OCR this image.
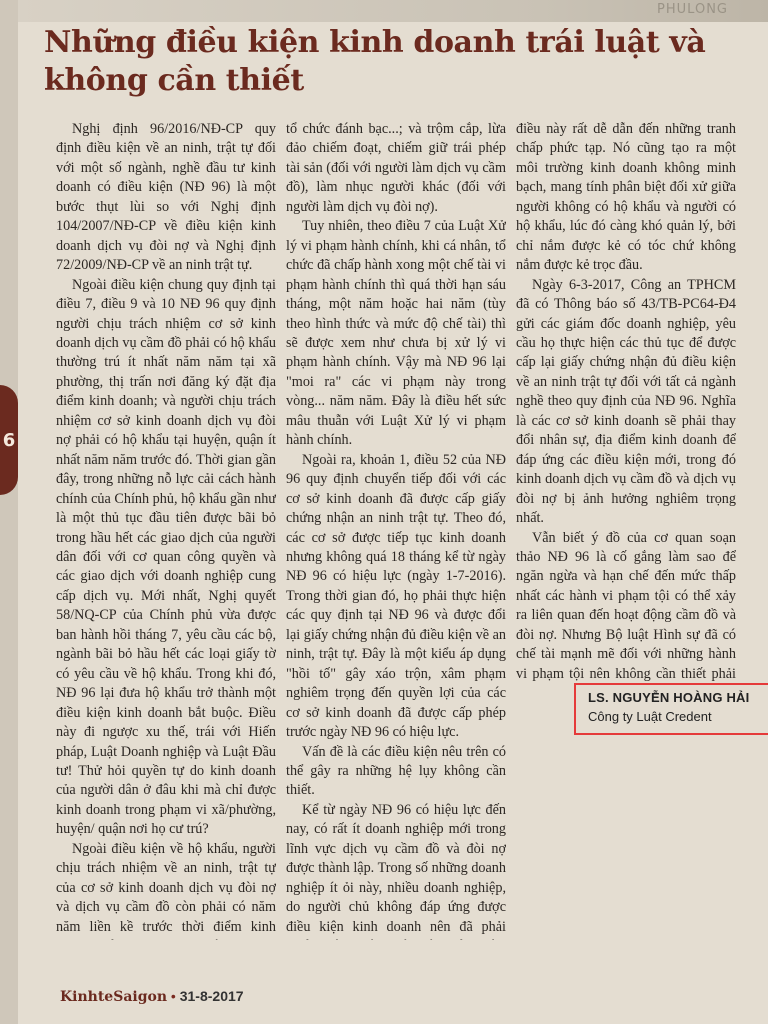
PHULONG
Những điều kiện kinh doanh trái luật và không cần thiết

Nghị định 96/2016/NĐ-CP quy định điều kiện về an ninh, trật tự đối với một số ngành, nghề đầu tư kinh doanh có điều kiện (NĐ 96) là một bước thụt lùi so với Nghị định 104/2007/NĐ-CP về điều kiện kinh doanh dịch vụ đòi nợ và Nghị định 72/2009/NĐ-CP về an ninh trật tự.

Ngoài điều kiện chung quy định tại điều 7, điều 9 và 10 NĐ 96 quy định người chịu trách nhiệm cơ sở kinh doanh dịch vụ cầm đồ phải có hộ khẩu thường trú ít nhất năm năm tại xã phường, thị trấn nơi đăng ký đặt địa điểm kinh doanh; và người chịu trách nhiệm cơ sở kinh doanh dịch vụ đòi nợ phải có hộ khẩu tại huyện, quận ít nhất năm năm trước đó. Thời gian gần đây, trong những nỗ lực cải cách hành chính của Chính phủ, hộ khẩu gần như là một thủ tục đầu tiên được bãi bỏ trong hầu hết các giao dịch của người dân đối với cơ quan công quyền và các giao dịch với doanh nghiệp cung cấp dịch vụ. Mới nhất, Nghị quyết 58/NQ-CP của Chính phủ vừa được ban hành hồi tháng 7, yêu cầu các bộ, ngành bãi bỏ hầu hết các loại giấy tờ có yêu cầu về hộ khẩu. Trong khi đó, NĐ 96 lại đưa hộ khẩu trở thành một điều kiện kinh doanh bắt buộc. Điều này đi ngược xu thế, trái với Hiến pháp, Luật Doanh nghiệp và Luật Đầu tư! Thử hỏi quyền tự do kinh doanh của người dân ở đâu khi mà chỉ được kinh doanh trong phạm vi xã/phường, huyện/ quận nơi họ cư trú?

Ngoài điều kiện về hộ khẩu, người chịu trách nhiệm về an ninh, trật tự của cơ sở kinh doanh dịch vụ đòi nợ và dịch vụ cầm đồ còn phải có năm năm liền kề trước thời điểm kinh

tổ chức đánh bạc...; và trộm cắp, lừa đảo chiếm đoạt, chiếm giữ trái phép tài sản (đối với người làm dịch vụ cầm đồ), làm nhục người khác (đối với người làm dịch vụ đòi nợ).

Tuy nhiên, theo điều 7 của Luật Xử lý vi phạm hành chính, khi cá nhân, tổ chức đã chấp hành xong một chế tài vi phạm hành chính thì quá thời hạn sáu tháng, một năm hoặc hai năm (tùy theo hình thức và mức độ chế tài) thì sẽ được xem như chưa bị xử lý vi phạm hành chính. Vậy mà NĐ 96 lại "moi ra" các vi phạm này trong vòng... năm năm. Đây là điều hết sức mâu thuẫn với Luật Xử lý vi phạm hành chính.

Ngoài ra, khoản 1, điều 52 của NĐ 96 quy định chuyển tiếp đối với các cơ sở kinh doanh đã được cấp giấy chứng nhận an ninh trật tự. Theo đó, các cơ sở được tiếp tục kinh doanh nhưng không quá 18 tháng kể từ ngày NĐ 96 có hiệu lực (ngày 1-7-2016). Trong thời gian đó, họ phải thực hiện các quy định tại NĐ 96 và được đổi lại giấy chứng nhận đủ điều kiện về an ninh, trật tự. Đây là một kiểu áp dụng "hồi tố" gây xáo trộn, xâm phạm nghiêm trọng đến quyền lợi của các cơ sở kinh doanh đã được cấp phép trước ngày NĐ 96 có hiệu lực.

Vấn đề là các điều kiện nêu trên có thể gây ra những hệ lụy không cần thiết.

Kể từ ngày NĐ 96 có hiệu lực đến nay, có rất ít doanh nghiệp mới trong lĩnh vực dịch vụ cầm đồ và đòi nợ được thành lập. Trong số những doanh nghiệp ít ỏi này, nhiều doanh nghiệp, do người chủ không đáp ứng được điều kiện kinh doanh nên đã phải

điều này rất dễ dẫn đến những tranh chấp phức tạp. Nó cũng tạo ra một môi trường kinh doanh không minh bạch, mang tính phân biệt đối xử giữa người không có hộ khẩu và người có hộ khẩu, lúc đó càng khó quản lý, bởi chỉ nắm được kẻ có tóc chứ không nắm được kẻ trọc đầu.

Ngày 6-3-2017, Công an TPHCM đã có Thông báo số 43/TB-PC64-Đ4 gửi các giám đốc doanh nghiệp, yêu cầu họ thực hiện các thủ tục để được cấp lại giấy chứng nhận đủ điều kiện về an ninh trật tự đối với tất cả ngành nghề theo quy định của NĐ 96. Nghĩa là các cơ sở kinh doanh sẽ phải thay đổi nhân sự, địa điểm kinh doanh để đáp ứng các điều kiện mới, trong đó kinh doanh dịch vụ cầm đồ và dịch vụ đòi nợ bị ảnh hưởng nghiêm trọng nhất.

Vẫn biết ý đồ của cơ quan soạn thảo NĐ 96 là cố gắng làm sao để ngăn ngừa và hạn chế đến mức thấp nhất các hành vi phạm tội có thể xảy ra liên quan đến hoạt động cầm đồ và đòi nợ. Nhưng Bộ luật Hình sự đã có chế tài mạnh mẽ đối với những hành vi phạm tội nên không cần thiết phải

KinhteSaigon • 31-8-2017
6
LS. NGUYỄN HOÀNG HẢI
Công ty Luật Credent
